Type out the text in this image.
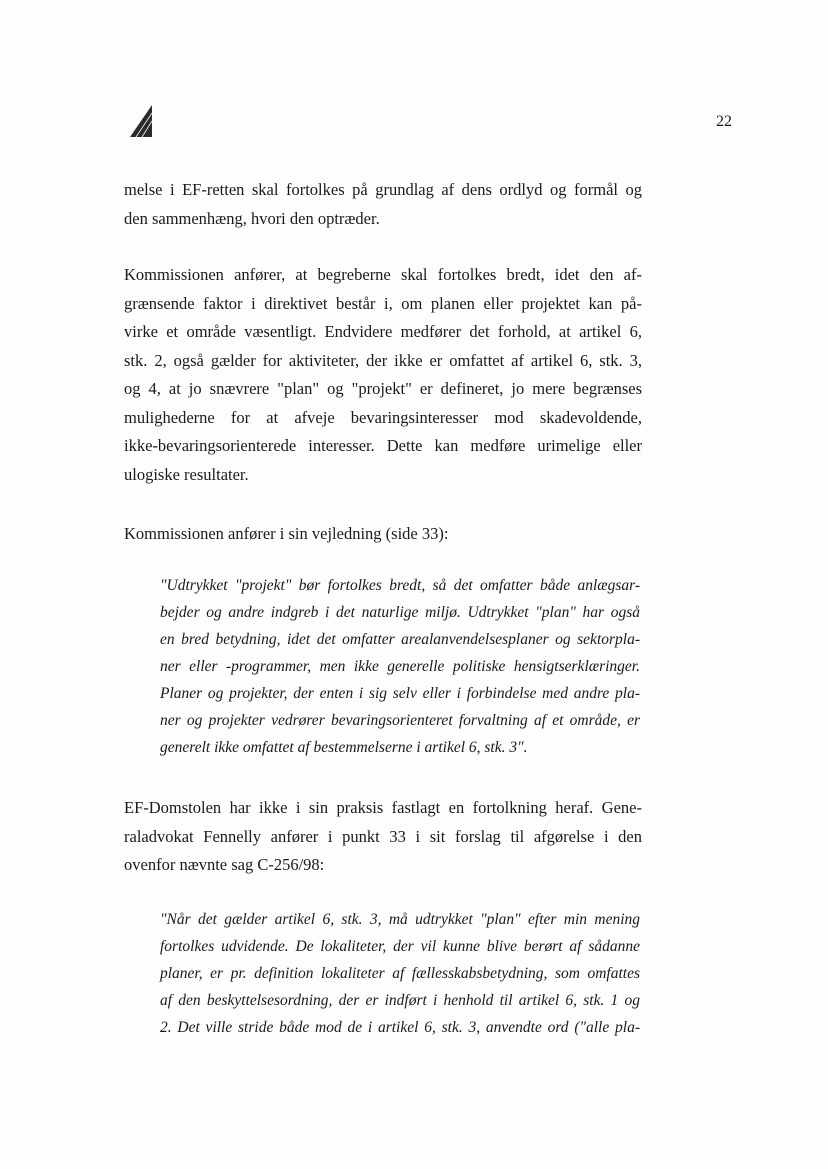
22
melse i EF-retten skal fortolkes på grundlag af dens ordlyd og formål og
den sammenhæng, hvori den optræder.
Kommissionen anfører, at begreberne skal fortolkes bredt, idet den af-
grænsende faktor i direktivet består i, om planen eller projektet kan på-
virke et område væsentligt. Endvidere medfører det forhold, at artikel 6,
stk. 2, også gælder for aktiviteter, der ikke er omfattet af artikel 6, stk. 3,
og 4, at jo snævrere "plan" og "projekt" er defineret, jo mere begrænses
mulighederne for at afveje bevaringsinteresser mod skadevoldende,
ikke-bevaringsorienterede interesser. Dette kan medføre urimelige eller
ulogiske resultater.
Kommissionen anfører i sin vejledning (side 33):
"Udtrykket "projekt" bør fortolkes bredt, så det omfatter både anlægsar-
bejder og andre indgreb i det naturlige miljø. Udtrykket "plan" har også
en bred betydning, idet det omfatter arealanvendelsesplaner og sektorpla-
ner eller -programmer, men ikke generelle politiske hensigtserklæringer.
Planer og projekter, der enten i sig selv eller i forbindelse med andre pla-
ner og projekter vedrører bevaringsorienteret forvaltning af et område, er
generelt ikke omfattet af bestemmelserne i artikel 6, stk. 3".
EF-Domstolen har ikke i sin praksis fastlagt en fortolkning heraf. Gene-
raladvokat Fennelly anfører i punkt 33 i sit forslag til afgørelse i den
ovenfor nævnte sag C-256/98:
"Når det gælder artikel 6, stk. 3, må udtrykket "plan" efter min mening
fortolkes udvidende. De lokaliteter, der vil kunne blive berørt af sådanne
planer, er pr. definition lokaliteter af fællesskabsbetydning, som omfattes
af den beskyttelsesordning, der er indført i henhold til artikel 6, stk. 1 og
2. Det ville stride både mod de i artikel 6, stk. 3, anvendte ord ("alle pla-
